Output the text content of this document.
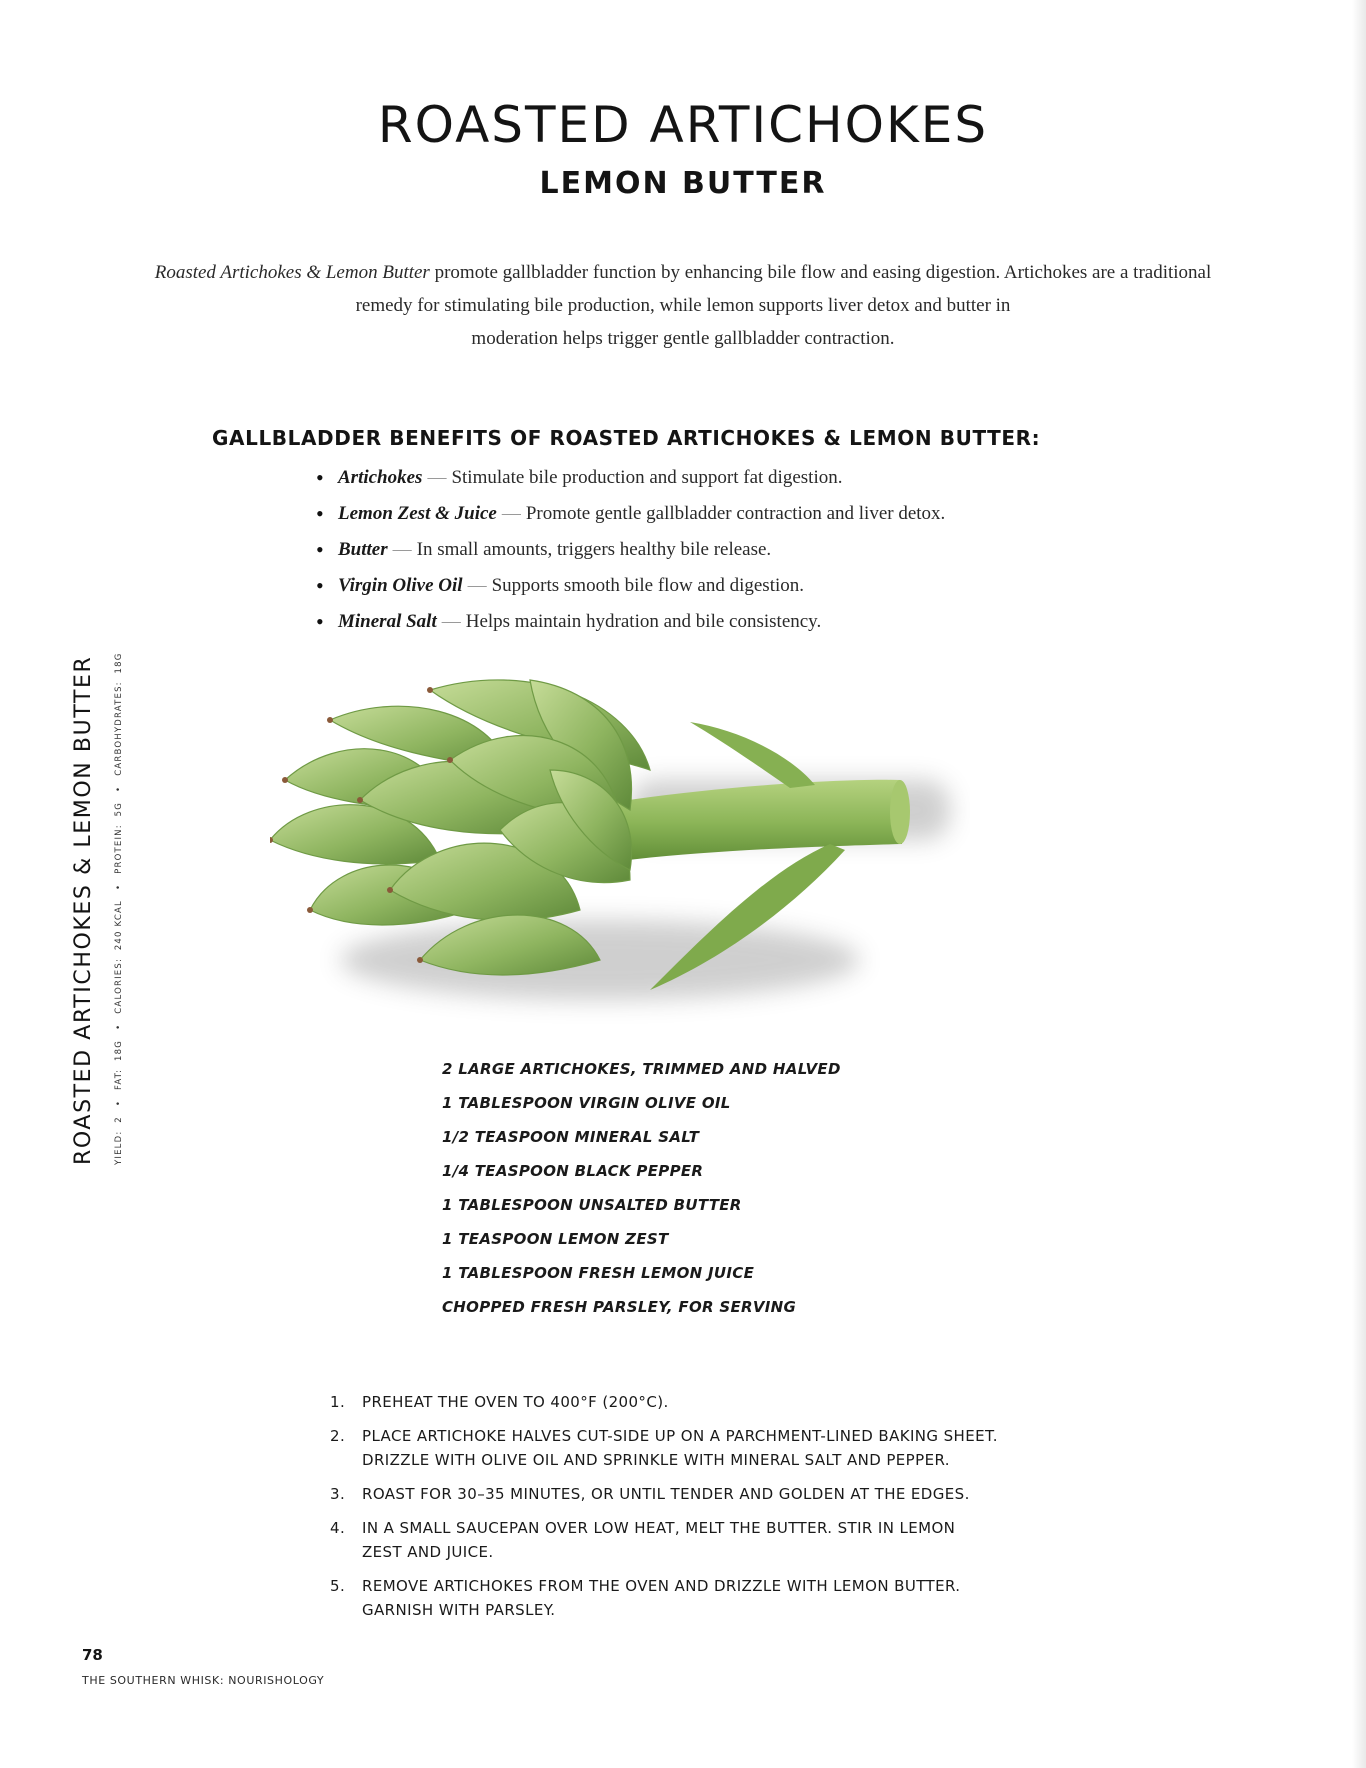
ROASTED ARTICHOKES
LEMON BUTTER
Roasted Artichokes & Lemon Butter promote gallbladder function by enhancing bile flow and easing digestion. Artichokes are a traditional
remedy for stimulating bile production, while lemon supports liver detox and butter in
moderation helps trigger gentle gallbladder contraction.
GALLBLADDER BENEFITS OF ROASTED ARTICHOKES & LEMON BUTTER:
• Artichokes — Stimulate bile production and support fat digestion.
• Lemon Zest & Juice — Promote gentle gallbladder contraction and liver detox.
• Butter — In small amounts, triggers healthy bile release.
• Virgin Olive Oil — Supports smooth bile flow and digestion.
• Mineral Salt — Helps maintain hydration and bile consistency.
ROASTED ARTICHOKES & LEMON BUTTER	YIELD:  2•FAT:  18G•CALORIES:  240 KCAL•PROTEIN:  5G•CARBOHYDRATES:  18G
2 LARGE ARTICHOKES, TRIMMED AND HALVED
1 TABLESPOON VIRGIN OLIVE OIL
1/2 TEASPOON MINERAL SALT
1/4 TEASPOON BLACK PEPPER
1 TABLESPOON UNSALTED BUTTER
1 TEASPOON LEMON ZEST
1 TABLESPOON FRESH LEMON JUICE
CHOPPED FRESH PARSLEY, FOR SERVING
1. PREHEAT THE OVEN TO 400°F (200°C).
2. PLACE ARTICHOKE HALVES CUT-SIDE UP ON A PARCHMENT-LINED BAKING SHEET.
DRIZZLE WITH OLIVE OIL AND SPRINKLE WITH MINERAL SALT AND PEPPER.
3. ROAST FOR 30–35 MINUTES, OR UNTIL TENDER AND GOLDEN AT THE EDGES.
4. IN A SMALL SAUCEPAN OVER LOW HEAT, MELT THE BUTTER. STIR IN LEMON
ZEST AND JUICE.
5. REMOVE ARTICHOKES FROM THE OVEN AND DRIZZLE WITH LEMON BUTTER.
GARNISH WITH PARSLEY.
78
THE SOUTHERN WHISK: NOURISHOLOGY
